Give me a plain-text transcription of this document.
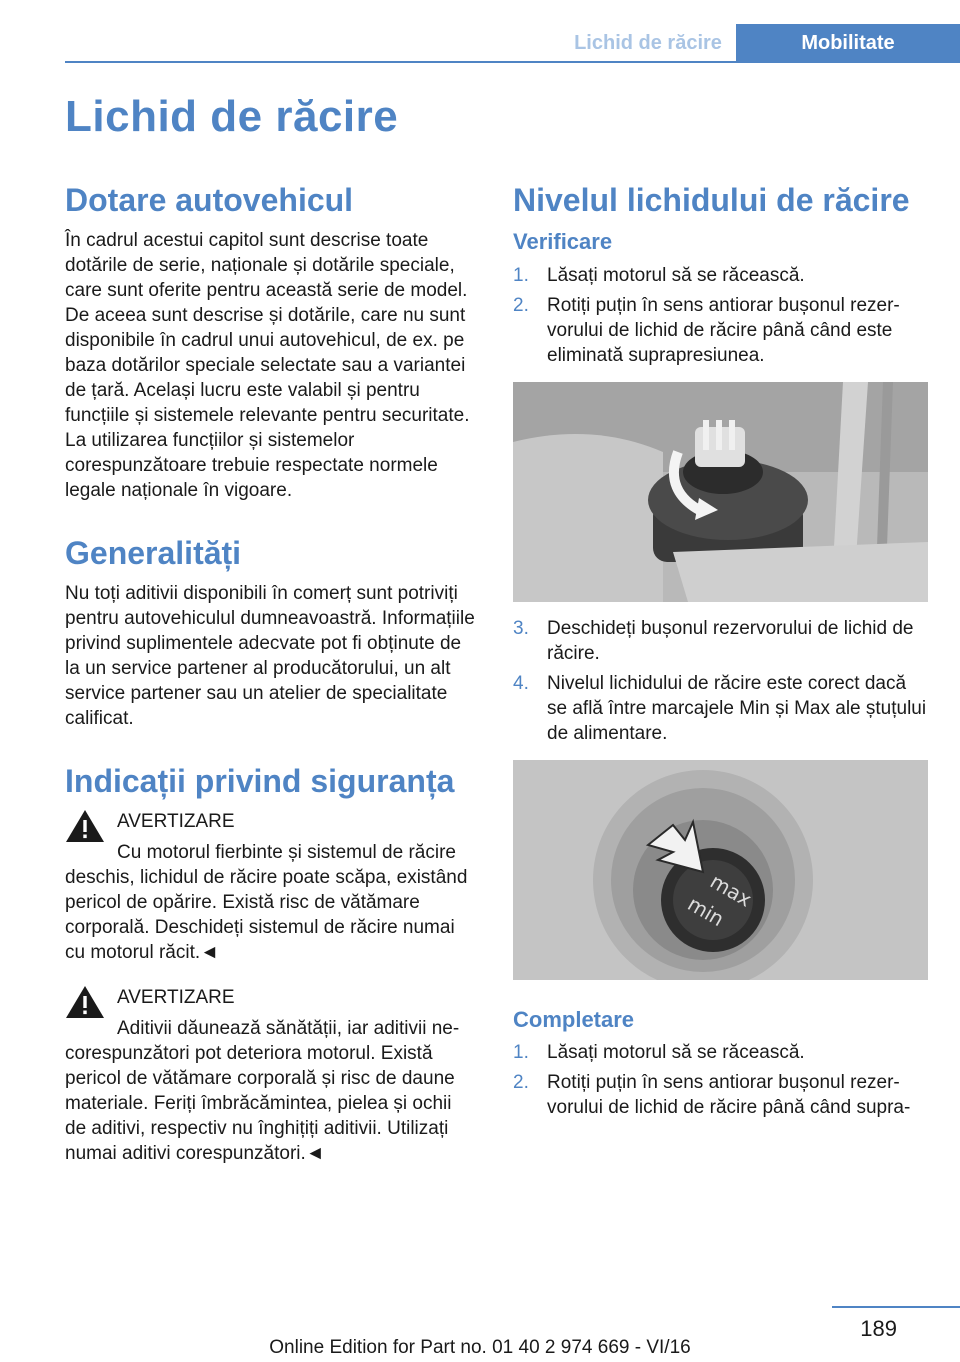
Lichid de răcire	Mobilitate
Lichid de răcire
Dotare autovehicul

În cadrul acestui capitol sunt descrise toate dotările de serie, naționale și dotările speciale, care sunt oferite pentru această serie de model. De aceea sunt descrise și dotările, care nu sunt disponibile în cadrul unui autovehicul, de ex. pe baza dotărilor speciale selectate sau a variantei de țară. Același lucru este valabil și pentru funcțiile și sistemele relevante pentru securitate. La utilizarea funcțiilor și sistemelor corespunzătoare trebuie respectate normele legale naționale în vigoare.

Generalități

Nu toți aditivii disponibili în comerț sunt potriviți pentru autovehiculul dumneavoastră. Informațiile privind suplimentele adecvate pot fi obținute de la un service partener al producătorului, un alt service partener sau un atelier de specialitate calificat.

Indicații privind siguranța
AVERTIZARE

Cu motorul fierbinte și sistemul de răcire deschis, lichidul de răcire poate scăpa, existând pericol de opărire. Există risc de vătămare corporală. Deschideți sistemul de răcire numai cu motorul răcit.◄

AVERTIZARE

Aditivii dăunează sănătății, iar aditivii necorespunzători pot deteriora motorul. Există pericol de vătămare corporală și risc de daune materiale. Feriți îmbrăcămintea, pielea și ochii de aditivi, respectiv nu înghițiți aditivii. Utilizați numai aditivi corespunzători.◄

Nivelul lichidului de răcire
Verificare
1. Lăsați motorul să se răcească.
2. Rotiți puțin în sens antiorar bușonul rezervorului de lichid de răcire până când este eliminată suprapresiunea.
3. Deschideți bușonul rezervorului de lichid de răcire.
4. Nivelul lichidului de răcire este corect dacă se află între marcajele Min și Max ale ștuțului de alimentare.
max
min
Completare
1. Lăsați motorul să se răcească.
2. Rotiți puțin în sens antiorar bușonul rezervorului de lichid de răcire până când supra-
189
Online Edition for Part no. 01 40 2 974 669 - VI/16
